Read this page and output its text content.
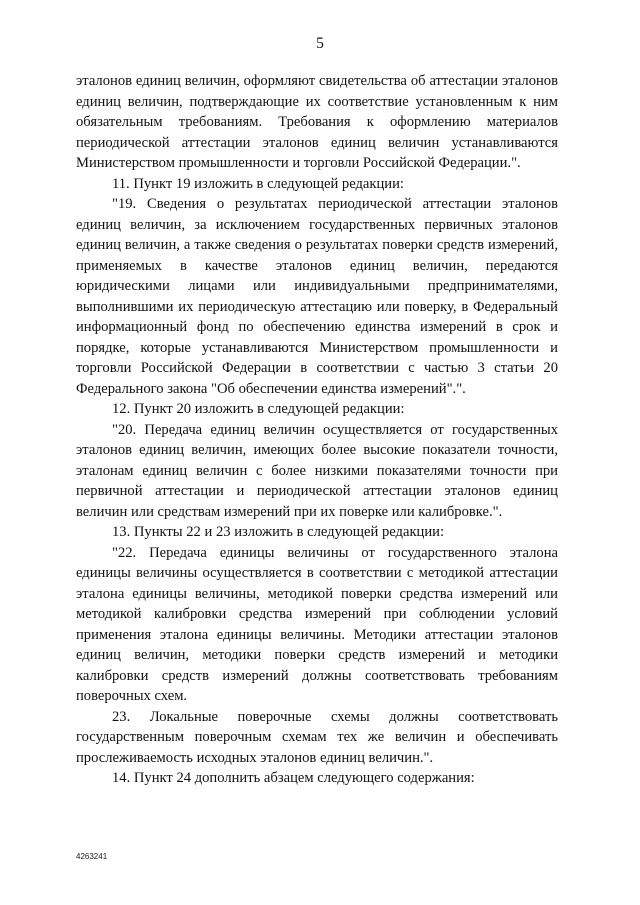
5

эталонов единиц величин, оформляют свидетельства об аттестации эталонов единиц величин, подтверждающие их соответствие установленным к ним обязательным требованиям. Требования к оформлению материалов периодической аттестации эталонов единиц величин устанавливаются Министерством промышленности и торговли Российской Федерации.".

11. Пункт 19 изложить в следующей редакции:

"19. Сведения о результатах периодической аттестации эталонов единиц величин, за исключением государственных первичных эталонов единиц величин, а также сведения о результатах поверки средств измерений, применяемых в качестве эталонов единиц величин, передаются юридическими лицами или индивидуальными предпринимателями, выполнившими их периодическую аттестацию или поверку, в Федеральный информационный фонд по обеспечению единства измерений в срок и порядке, которые устанавливаются Министерством промышленности и торговли Российской Федерации в соответствии с частью 3 статьи 20 Федерального закона "Об обеспечении единства измерений".".

12. Пункт 20 изложить в следующей редакции:

"20. Передача единиц величин осуществляется от государственных эталонов единиц величин, имеющих более высокие показатели точности, эталонам единиц величин с более низкими показателями точности при первичной аттестации и периодической аттестации эталонов единиц величин или средствам измерений при их поверке или калибровке.".

13. Пункты 22 и 23 изложить в следующей редакции:

"22. Передача единицы величины от государственного эталона единицы величины осуществляется в соответствии с методикой аттестации эталона единицы величины, методикой поверки средства измерений или методикой калибровки средства измерений при соблюдении условий применения эталона единицы величины. Методики аттестации эталонов единиц величин, методики поверки средств измерений и методики калибровки средств измерений должны соответствовать требованиям поверочных схем.

23. Локальные поверочные схемы должны соответствовать государственным поверочным схемам тех же величин и обеспечивать прослеживаемость исходных эталонов единиц величин.".

14. Пункт 24 дополнить абзацем следующего содержания:

4263241
